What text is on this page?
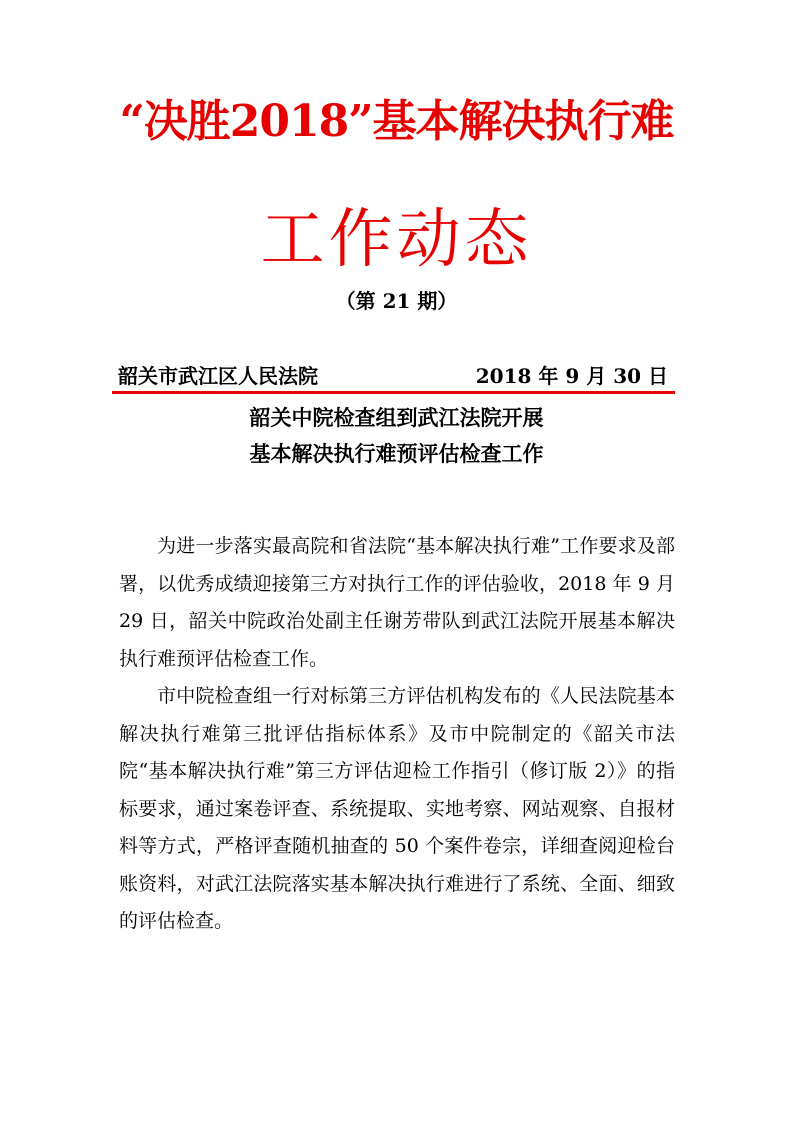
“决胜2018”基本解决执行难
工作动态
（第 21 期）
韶关市武江区人民法院	2018 年 9 月 30 日
韶关中院检查组到武江法院开展
基本解决执行难预评估检查工作

为进一步落实最高院和省法院“基本解决执行难”工作要求及部署，以优秀成绩迎接第三方对执行工作的评估验收，2018 年 9 月 29 日，韶关中院政治处副主任谢芳带队到武江法院开展基本解决执行难预评估检查工作。

市中院检查组一行对标第三方评估机构发布的《人民法院基本解决执行难第三批评估指标体系》及市中院制定的《韶关市法院“基本解决执行难”第三方评估迎检工作指引（修订版 2）》的指标要求，通过案卷评查、系统提取、实地考察、网站观察、自报材料等方式，严格评查随机抽查的 50 个案件卷宗，详细查阅迎检台账资料，对武江法院落实基本解决执行难进行了系统、全面、细致的评估检查。
